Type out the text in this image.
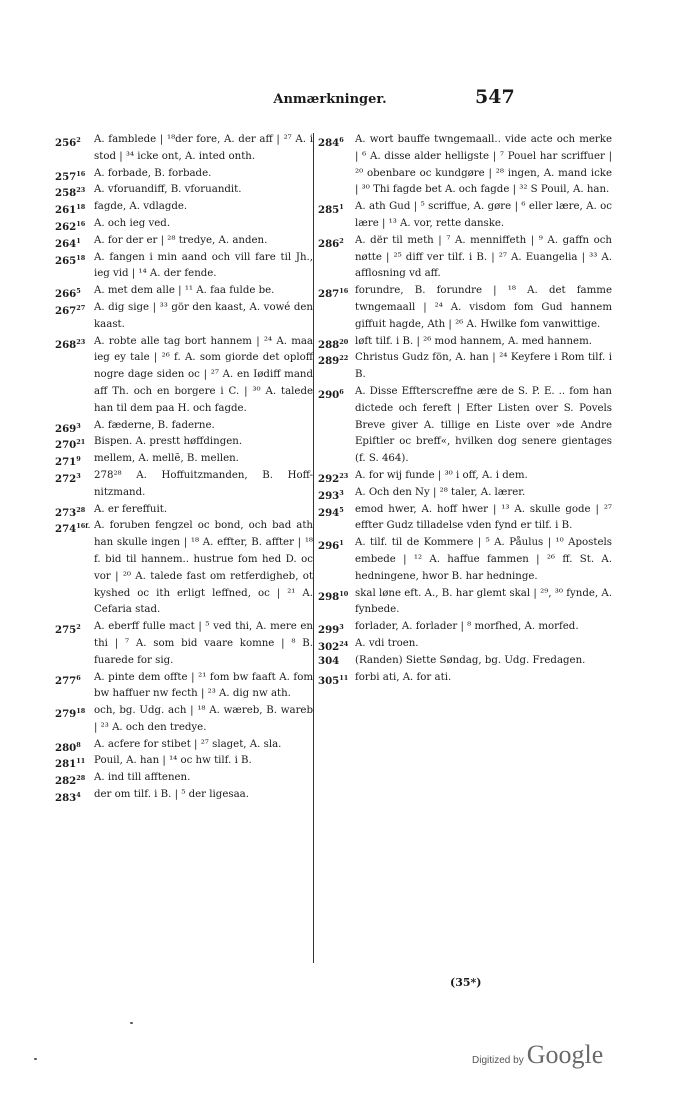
Anmærkninger.	547
$256^2$	A. famblede | ¹⁸der fore, A. der aff | ²⁷ A. i stod | ³⁴ icke ont, A. inted onth.
$257^{16}$ A. forbade, B. forbade.
$258^{23}$ A. vforuandiff, B. vforuandit.
$261^{18}$ fagde, A. vdlagde.
$262^{16}$ A. och ieg ved.
$264^1$	A. for der er | ²⁸ tredye, A. anden.
$265^{18}$ A. fangen i min aand och vill fare til Jh., ieg vid | ¹⁴ A. der fende.
$266^5$	A. met dem alle | ¹¹ A. faa fulde be.
$267^{27}$ A. dig sige | ³³ gör den kaast, A. vowé den kaast.
$268^{23}$ A. robte alle tag bort hannem | ²⁴ A. maa ieg ey tale | ²⁶ f. A. som giorde det oploff nogre dage siden oc | ²⁷ A. en Iødiff mand aff Th. och en borgere i C. | ³⁰ A. talede han til dem paa H. och fagde.
$269^3$	A. fæderne, B. faderne.
$270^{21}$ Bispen. A. prestt høffdingen.
$271^9$	mellem, A. mellẽ, B. mellen.
$272^3$	278²⁸ A. Hoffuitzmanden, B. Hoff-nitzmand.
$273^{28}$ A. er fereffuit.
$274^{16f.}$ A. foruben fengzel oc bond, och bad ath han skulle ingen | ¹⁸ A. effter, B. affter | ¹⁸ f. bid til hannem.. hustrue fom hed D. oc vor | ²⁰ A. talede fast om retferdigheb, ot kyshed oc ith erligt leffned, oc | ²¹ A. Cefaria stad.
$275^2$	A. eberff fulle mact | ⁵ ved thi, A. mere en thi | ⁷ A. som bid vaare komne | ⁸ B. fuarede for sig.
$277^6$	A. pinte dem offte | ²¹ fom bw faaft A. fom bw haffuer nw fecth | ²³ A. dig nw ath.
$279^{18}$ och, bg. Udg. ach | ¹⁸ A. wæreb, B. wareb | ²³ A. och den tredye.
$280^8$	A. acfere for stibet | ²⁷ slaget, A. sla.
$281^{11}$ Pouil, A. han | ¹⁴ oc hw tilf. i B.
$282^{28}$ A. ind till afftenen.
$283^4$	der om tilf. i B. | ⁵ der ligesaa.
$284^6$	A. wort bauffe twngemaall.. vide acte och merke | ⁶ A. disse alder helligste | ⁷ Pouel har scriffuer | ²⁰ obenbare oc kundgøre | ²⁸ ingen, A. mand icke | ³⁰ Thi fagde bet A. och fagde | ³² S Pouil, A. han.
$285^1$	A. ath Gud | ⁵ scriffue, A. gøre | ⁶ eller lære, A. oc lære | ¹³ A. vor, rette danske.
$286^2$	A. dër til meth | ⁷ A. menniffeth | ⁹ A. gaffn och nøtte | ²⁵ diff ver tilf. i B. | ²⁷ A. Euangelia | ³³ A. afflosning vd aff.
$287^{16}$ forundre, B. forundre | ¹⁸ A. det famme twngemaall | ²⁴ A. visdom fom Gud hannem giffuit hagde, Ath | ²⁶ A. Hwilke fom vanwittige.
$288^{20}$ løft tilf. i B. | ²⁶ mod hannem, A. med hannem.
$289^{22}$ Christus Gudz fön, A. han | ²⁴ Keyfere i Rom tilf. i B.
$290^6$	A. Disse Effterscreffne ære de S. P. E. .. fom han dictede och fereft | Efter Listen over S. Povels Breve giver A. tillige en Liste over »de Andre Epiftler oc breff«, hvilken dog senere gientages (f. S. 464).
$292^{23}$ A. for wij funde | ³⁰ i off, A. i dem.
$293^3$	A. Och den Ny | ²⁸ taler, A. lærer.
$294^5$	emod hwer, A. hoff hwer | ¹³ A. skulle gode | ²⁷ effter Gudz tilladelse vden fynd er tilf. i B.
$296^1$	A. tilf. til de Kommere | ⁵ A. Påulus | ¹⁰ Apostels embede | ¹² A. haffue fammen | ²⁶ ff. St. A. hedningene, hwor B. har hedninge.
$298^{10}$ skal løne eft. A., B. har glemt skal | ²⁹, ³⁰ fynde, A. fynbede.
$299^3$	forlader, A. forlader | ⁸ morfhed, A. morfed.
$302^{24}$ A. vdi troen.
304	(Randen) Siette Søndag, bg. Udg. Fredagen.
$305^{11}$ forbi ati, A. for ati.
(35*)
Digitized by Google
